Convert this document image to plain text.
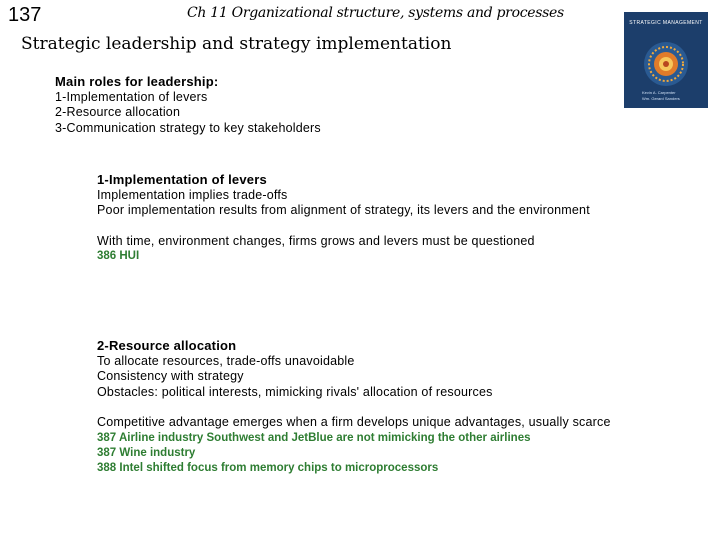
137	Ch 11 Organizational structure, systems and processes
Strategic leadership and strategy implementation
STRATEGIC MANAGEMENT
Kevin A. Carpenter
Wm. Gerard Sanders
Main roles for leadership:
1-Implementation of levers
2-Resource allocation
3-Communication strategy to key stakeholders
1-Implementation of levers
Implementation implies trade-offs
Poor implementation results from alignment of strategy, its levers and the environment
With time, environment changes, firms grows and levers must be questioned
386 HUI
2-Resource allocation
To allocate resources, trade-offs unavoidable
Consistency with strategy
Obstacles: political interests, mimicking rivals' allocation of resources
Competitive advantage emerges when a firm develops unique advantages, usually scarce
387 Airline industry Southwest and JetBlue are not mimicking the other airlines
387 Wine industry
388 Intel shifted focus from memory chips to microprocessors
